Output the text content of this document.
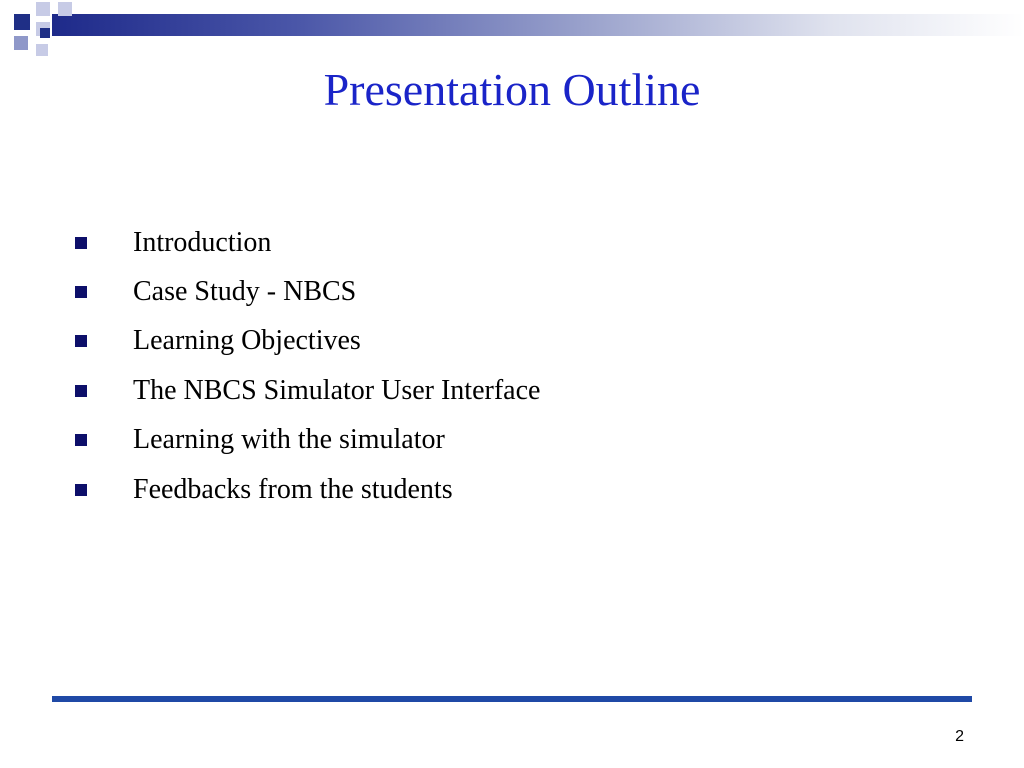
Presentation Outline
Introduction
Case Study - NBCS
Learning Objectives
The NBCS Simulator User Interface
Learning with the simulator
Feedbacks from the students
2
